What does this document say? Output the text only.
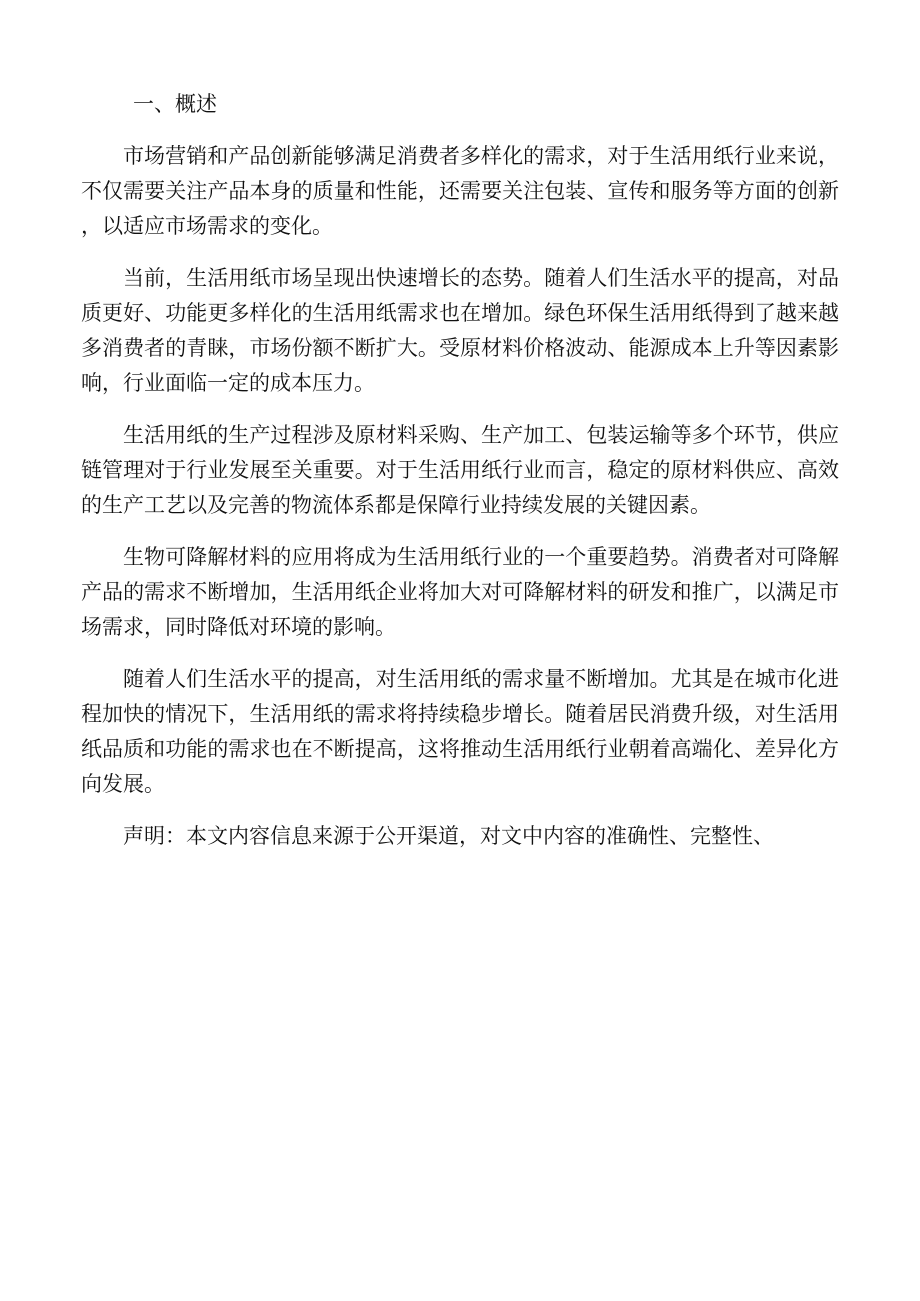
一、概述

市场营销和产品创新能够满足消费者多样化的需求，对于生活用纸行业来说，不仅需要关注产品本身的质量和性能，还需要关注包装、宣传和服务等方面的创新，以适应市场需求的变化。

当前，生活用纸市场呈现出快速增长的态势。随着人们生活水平的提高，对品质更好、功能更多样化的生活用纸需求也在增加。绿色环保生活用纸得到了越来越多消费者的青睐，市场份额不断扩大。受原材料价格波动、能源成本上升等因素影响，行业面临一定的成本压力。

生活用纸的生产过程涉及原材料采购、生产加工、包装运输等多个环节，供应链管理对于行业发展至关重要。对于生活用纸行业而言，稳定的原材料供应、高效的生产工艺以及完善的物流体系都是保障行业持续发展的关键因素。

生物可降解材料的应用将成为生活用纸行业的一个重要趋势。消费者对可降解产品的需求不断增加，生活用纸企业将加大对可降解材料的研发和推广，以满足市场需求，同时降低对环境的影响。

随着人们生活水平的提高，对生活用纸的需求量不断增加。尤其是在城市化进程加快的情况下，生活用纸的需求将持续稳步增长。随着居民消费升级，对生活用纸品质和功能的需求也在不断提高，这将推动生活用纸行业朝着高端化、差异化方向发展。

声明：本文内容信息来源于公开渠道，对文中内容的准确性、完整性、
